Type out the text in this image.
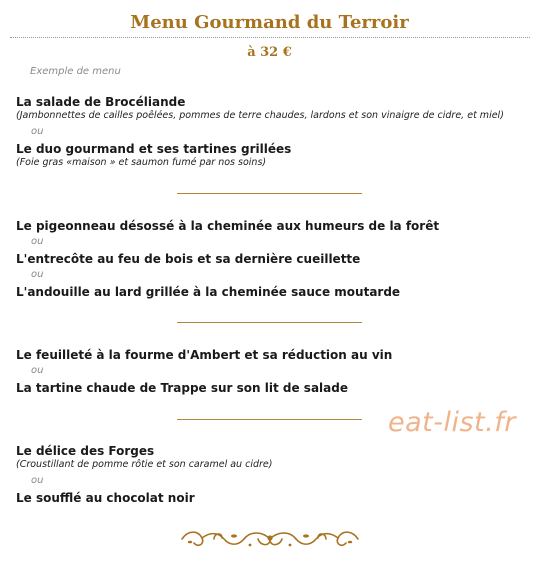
Menu Gourmand du Terroir
à 32 €
Exemple de menu
La salade de Brocéliande
(Jambonnettes de cailles poêlées, pommes de terre chaudes, lardons et son vinaigre de cidre, et miel)
ou
Le duo gourmand et ses tartines grillées
(Foie gras «maison » et saumon fumé par nos soins)
Le pigeonneau désossé à la cheminée aux humeurs de la forêt
ou
L'entrecôte au feu de bois et sa dernière cueillette
ou
L'andouille au lard grillée à la cheminée sauce moutarde
Le feuilleté à la fourme d'Ambert et sa réduction au vin
ou
La tartine chaude de Trappe sur son lit de salade
eat-list.fr
Le délice des Forges
(Croustillant de pomme rôtie et son caramel au cidre)
ou
Le soufflé au chocolat noir
